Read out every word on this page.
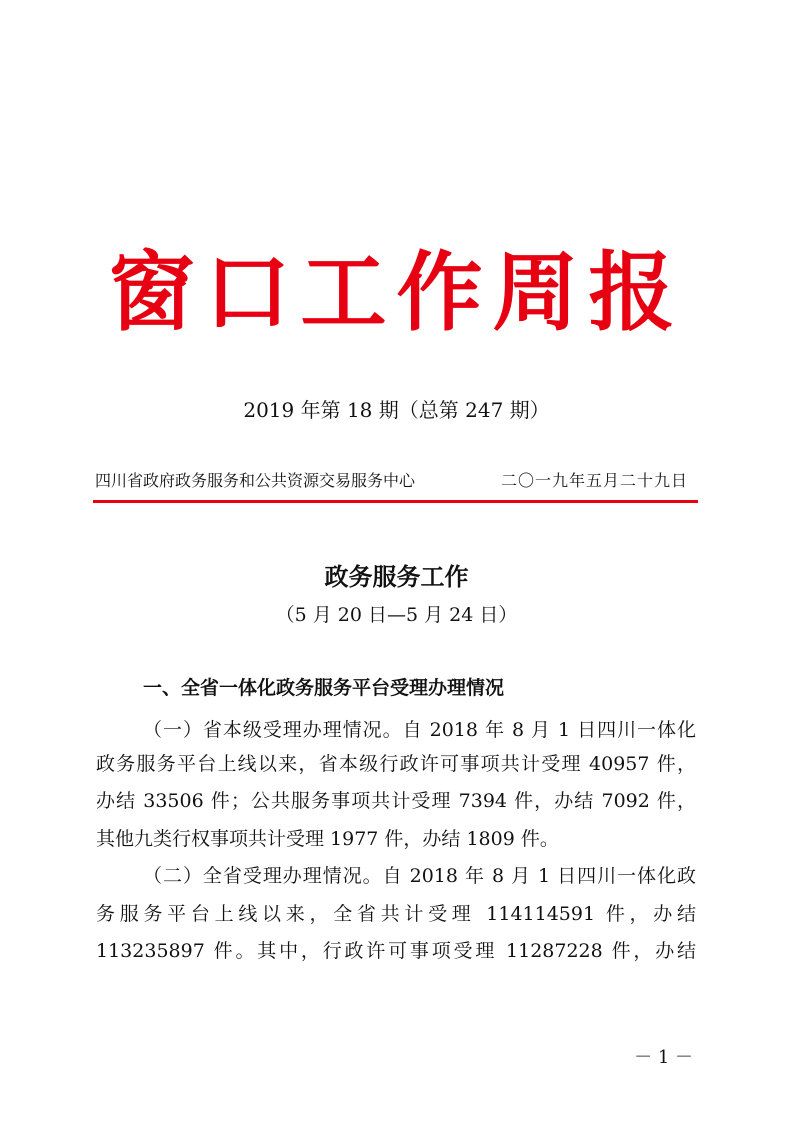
窗口工作周报
2019 年第 18 期（总第 247 期）
四川省政府政务服务和公共资源交易服务中心	二〇一九年五月二十九日
政务服务工作
（5 月 20 日—5 月 24 日）
一、全省一体化政务服务平台受理办理情况
（一）省本级受理办理情况。自 2018 年 8 月 1 日四川一体化
政务服务平台上线以来，省本级行政许可事项共计受理 40957 件，
办结 33506 件；公共服务事项共计受理 7394 件，办结 7092 件，
其他九类行权事项共计受理 1977 件，办结 1809 件。
（二）全省受理办理情况。自 2018 年 8 月 1 日四川一体化政
务服务平台上线以来，全省共计受理 114114591 件，办结
113235897 件。其中，行政许可事项受理 11287228 件，办结
－ 1 －
